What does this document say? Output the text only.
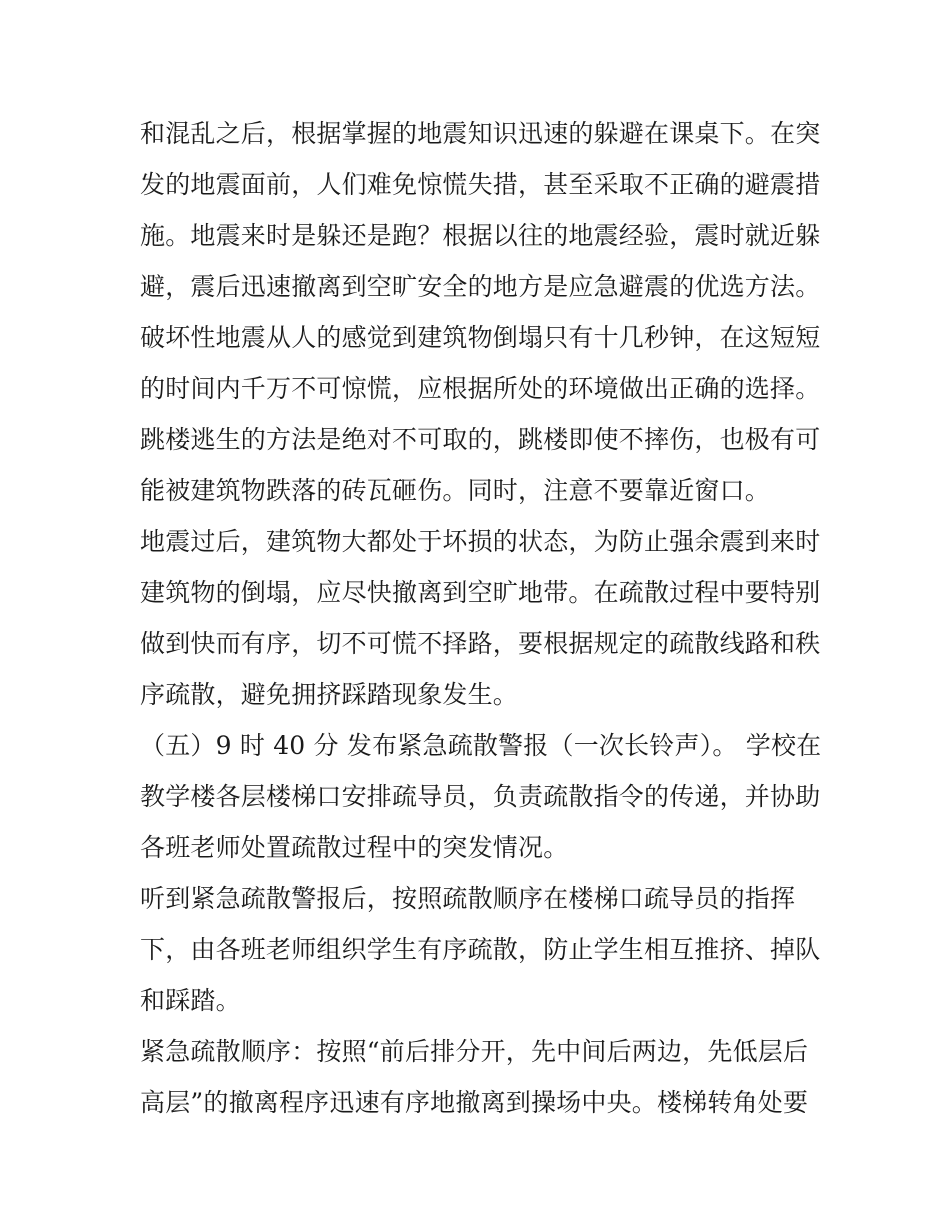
和混乱之后，根据掌握的地震知识迅速的躲避在课桌下。在突
发的地震面前，人们难免惊慌失措，甚至采取不正确的避震措
施。地震来时是躲还是跑？根据以往的地震经验，震时就近躲
避，震后迅速撤离到空旷安全的地方是应急避震的优选方法。
破坏性地震从人的感觉到建筑物倒塌只有十几秒钟，在这短短
的时间内千万不可惊慌，应根据所处的环境做出正确的选择。
跳楼逃生的方法是绝对不可取的，跳楼即使不摔伤，也极有可
能被建筑物跌落的砖瓦砸伤。同时，注意不要靠近窗口。
地震过后，建筑物大都处于坏损的状态，为防止强余震到来时
建筑物的倒塌，应尽快撤离到空旷地带。在疏散过程中要特别
做到快而有序，切不可慌不择路，要根据规定的疏散线路和秩
序疏散，避免拥挤踩踏现象发生。
（五）9 时 40 分 发布紧急疏散警报（一次长铃声）。 学校在
教学楼各层楼梯口安排疏导员，负责疏散指令的传递，并协助
各班老师处置疏散过程中的突发情况。
听到紧急疏散警报后，按照疏散顺序在楼梯口疏导员的指挥
下，由各班老师组织学生有序疏散，防止学生相互推挤、掉队
和踩踏。
紧急疏散顺序：按照“前后排分开，先中间后两边，先低层后
高层”的撤离程序迅速有序地撤离到操场中央。楼梯转角处要
